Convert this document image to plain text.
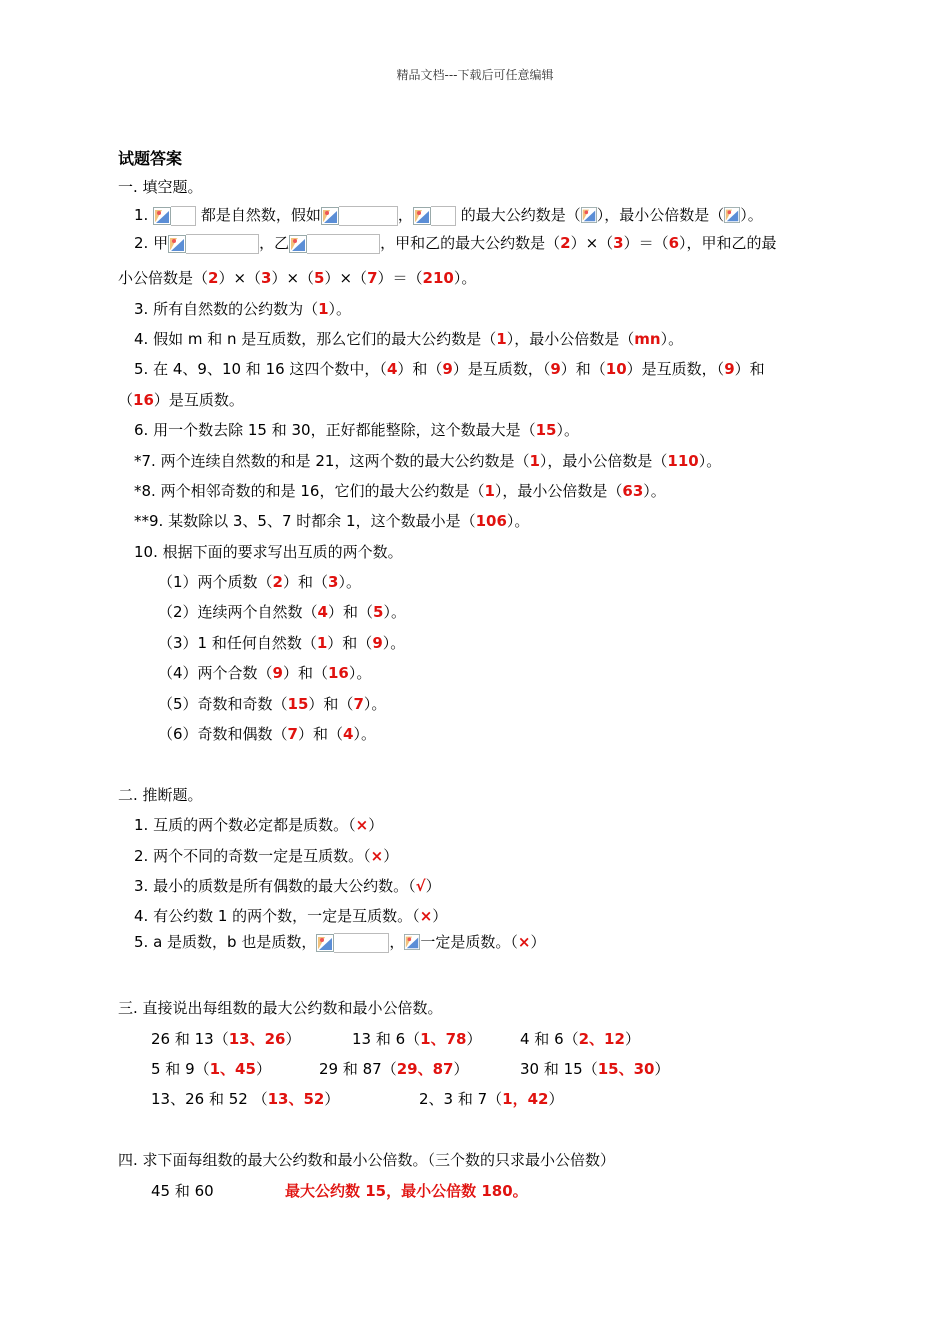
精品文档---下载后可任意编辑
试题答案
一. 填空题。
1.	都是自然数，假如	，	的最大公约数是（ ），最小公倍数是（ ）。
2. 甲	，乙	，甲和乙的最大公约数是（2）×（3）＝（6），甲和乙的最
小公倍数是（2）×（3）×（5）×（7）＝（210）。
3. 所有自然数的公约数为（1）。
4. 假如 m 和 n 是互质数，那么它们的最大公约数是（1），最小公倍数是（mn）。
5. 在 4、9、10 和 16 这四个数中，（4）和（9）是互质数，（9）和（10）是互质数，（9）和
（16）是互质数。
6. 用一个数去除 15 和 30，正好都能整除，这个数最大是（15）。
*7. 两个连续自然数的和是 21，这两个数的最大公约数是（1），最小公倍数是（110）。
*8. 两个相邻奇数的和是 16，它们的最大公约数是（1），最小公倍数是（63）。
**9. 某数除以 3、5、7 时都余 1，这个数最小是（106）。
10. 根据下面的要求写出互质的两个数。
（1）两个质数（2）和（3）。
（2）连续两个自然数（4）和（5）。
（3）1 和任何自然数（1）和（9）。
（4）两个合数（9）和（16）。
（5）奇数和奇数（15）和（7）。
（6）奇数和偶数（7）和（4）。
二. 推断题。
1. 互质的两个数必定都是质数。（×）
2. 两个不同的奇数一定是互质数。（×）
3. 最小的质数是所有偶数的最大公约数。（√）
4. 有公约数 1 的两个数，一定是互质数。（×）
5. a 是质数，b 也是质数，	， 一定是质数。（×）
三. 直接说出每组数的最大公约数和最小公倍数。
26 和 13（13、26）	13 和 6（1、78）	4 和 6（2、12）
5 和 9（1、45）	29 和 87（29、87）	30 和 15（15、30）
13、26 和 52 （13、52）	2、3 和 7（1，42）
四. 求下面每组数的最大公约数和最小公倍数。（三个数的只求最小公倍数）
45 和 60	最大公约数 15，最小公倍数 180。
